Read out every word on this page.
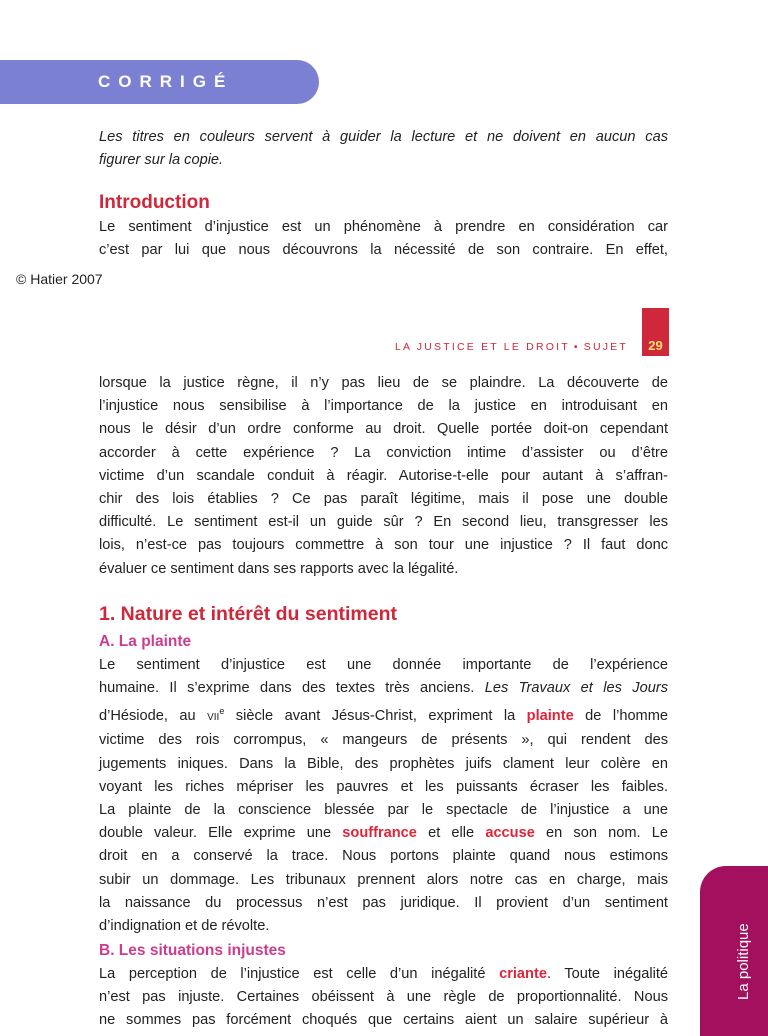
CORRIGÉ
Les titres en couleurs servent à guider la lecture et ne doivent en aucun cas
figurer sur la copie.
Introduction
Le sentiment d’injustice est un phénomène à prendre en considération car
c’est par lui que nous découvrons la nécessité de son contraire. En effet,
© Hatier 2007
LA JUSTICE ET LE DROIT • SUJET 29
lorsque la justice règne, il n’y pas lieu de se plaindre. La découverte de
l’injustice nous sensibilise à l’importance de la justice en introduisant en
nous le désir d’un ordre conforme au droit. Quelle portée doit-on cependant
accorder à cette expérience ? La conviction intime d’assister ou d’être
victime d’un scandale conduit à réagir. Autorise-t-elle pour autant à s’affran-
chir des lois établies ? Ce pas paraît légitime, mais il pose une double
difficulté. Le sentiment est-il un guide sûr ? En second lieu, transgresser les
lois, n’est-ce pas toujours commettre à son tour une injustice ? Il faut donc
évaluer ce sentiment dans ses rapports avec la légalité.
1. Nature et intérêt du sentiment
A. La plainte
Le sentiment d’injustice est une donnée importante de l’expérience
humaine. Il s’exprime dans des textes très anciens. Les Travaux et les Jours
d’Hésiode, au VIIe siècle avant Jésus-Christ, expriment la plainte de l’homme
victime des rois corrompus, « mangeurs de présents », qui rendent des
jugements iniques. Dans la Bible, des prophètes juifs clament leur colère en
voyant les riches mépriser les pauvres et les puissants écraser les faibles.
La plainte de la conscience blessée par le spectacle de l’injustice a une
double valeur. Elle exprime une souffrance et elle accuse en son nom. Le
droit en a conservé la trace. Nous portons plainte quand nous estimons
subir un dommage. Les tribunaux prennent alors notre cas en charge, mais
la naissance du processus n’est pas juridique. Il provient d’un sentiment
d’indignation et de révolte.
B. Les situations injustes
La perception de l’injustice est celle d’un inégalité criante. Toute inégalité
n’est pas injuste. Certaines obéissent à une règle de proportionnalité. Nous
ne sommes pas forcément choqués que certains aient un salaire supérieur à
La politique
